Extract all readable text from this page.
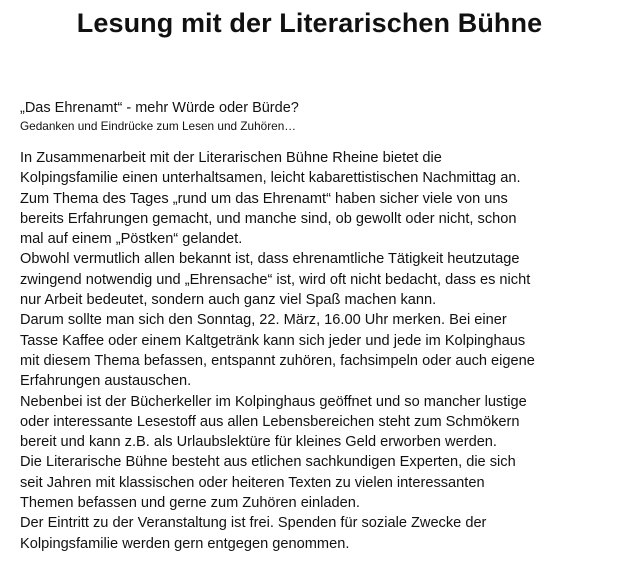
Lesung mit der Literarischen Bühne

„Das Ehrenamt“ - mehr Würde oder Bürde?

Gedanken und Eindrücke zum Lesen und Zuhören…

In Zusammenarbeit mit der Literarischen Bühne Rheine bietet die
Kolpingsfamilie einen unterhaltsamen, leicht kabarettistischen Nachmittag an.
Zum Thema des Tages „rund um das Ehrenamt“ haben sicher viele von uns
bereits Erfahrungen gemacht, und manche sind, ob gewollt oder nicht, schon
mal auf einem „Pöstken“ gelandet.
Obwohl vermutlich allen bekannt ist, dass ehrenamtliche Tätigkeit heutzutage
zwingend notwendig und „Ehrensache“ ist, wird oft nicht bedacht, dass es nicht
nur Arbeit bedeutet, sondern auch ganz viel Spaß machen kann.
Darum sollte man sich den Sonntag, 22. März, 16.00 Uhr merken. Bei einer
Tasse Kaffee oder einem Kaltgetränk kann sich jeder und jede im Kolpinghaus
mit diesem Thema befassen, entspannt zuhören, fachsimpeln oder auch eigene
Erfahrungen austauschen.
Nebenbei ist der Bücherkeller im Kolpinghaus geöffnet und so mancher lustige
oder interessante Lesestoff aus allen Lebensbereichen steht zum Schmökern
bereit und kann z.B. als Urlaubslektüre für kleines Geld erworben werden.
Die Literarische Bühne besteht aus etlichen sachkundigen Experten, die sich
seit Jahren mit klassischen oder heiteren Texten zu vielen interessanten
Themen befassen und gerne zum Zuhören einladen.
Der Eintritt zu der Veranstaltung ist frei. Spenden für soziale Zwecke der
Kolpingsfamilie werden gern entgegen genommen.
